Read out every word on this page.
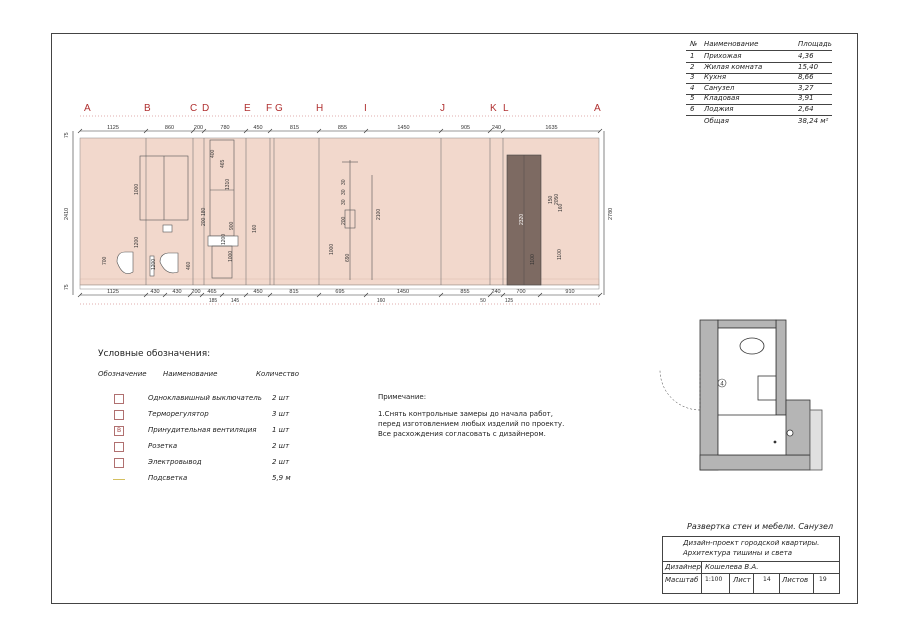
A	B	C D	E F G	H	I	J	K L	A
1125	860	200	780	450	815	855	1450	905	240	1635
2320
1125	430 430 200 465	450	815	695	1450	855	240	700	910
185	145	160	50	125
2410
75
75
2780
700
1000
1200
1200
1310
1000
400
465
1200
900	160
460
200
180
1000
690
200
30
30
30
2100
2050
1100	1100
150
160
4
№ Наименование	Площадь
1 Прихожая	4,36
2 Жилая комната	15,40
3 Кухня	8,66
4 Санузел	3,27
5 Кладовая	3,91
6 Лоджия	2,64
Общая	38,24 м²
Условные обозначения:
Обозначение Наименование	Количество
Одноклавишный выключатель 2 шт
Терморегулятор	3 шт
В	Принудительная вентиляция 1 шт
Розетка	2 шт
Электровывод	2 шт
Подсветка	5,9 м
Примечание:
1.Снять контрольные замеры до начала работ,
перед изготовлением любых изделий по проекту.
Все расхождения согласовать с дизайнером.
Развертка стен и мебели. Санузел
Дизайн-проект городской квартиры.
Архитектура тишины и света
Дизайнер Кошелева В.А.
Масштаб 1:100 Лист 14 Листов 19
